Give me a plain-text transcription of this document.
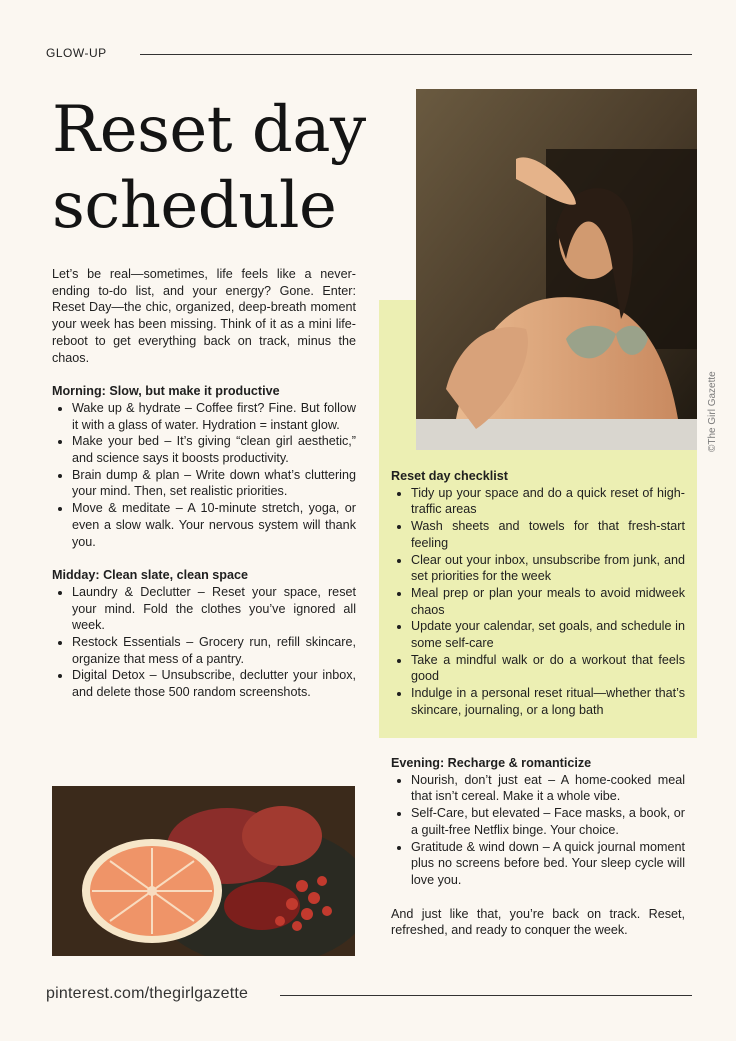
GLOW-UP
Reset day schedule

Let’s be real—sometimes, life feels like a never-ending to-do list, and your energy? Gone. Enter: Reset Day—the chic, organized, deep-breath moment your week has been missing. Think of it as a mini life-reboot to get everything back on track, minus the chaos.

Morning: Slow, but make it productive
• Wake up & hydrate – Coffee first? Fine. But follow it with a glass of water. Hydration = instant glow.
• Make your bed – It’s giving “clean girl aesthetic,” and science says it boosts productivity.
• Brain dump & plan – Write down what’s cluttering your mind. Then, set realistic priorities.
• Move & meditate – A 10-minute stretch, yoga, or even a slow walk. Your nervous system will thank you.
Midday: Clean slate, clean space
• Laundry & Declutter – Reset your space, reset your mind. Fold the clothes you’ve ignored all week.
• Restock Essentials – Grocery run, refill skincare, organize that mess of a pantry.
• Digital Detox – Unsubscribe, declutter your inbox, and delete those 500 random screenshots.
Reset day checklist
• Tidy up your space and do a quick reset of high-traffic areas
• Wash sheets and towels for that fresh-start feeling
• Clear out your inbox, unsubscribe from junk, and set priorities for the week
• Meal prep or plan your meals to avoid midweek chaos
• Update your calendar, set goals, and schedule in some self-care
• Take a mindful walk or do a workout that feels good
• Indulge in a personal reset ritual—whether that’s skincare, journaling, or a long bath
Evening: Recharge & romanticize
• Nourish, don’t just eat – A home-cooked meal that isn’t cereal. Make it a whole vibe.
• Self-Care, but elevated – Face masks, a book, or a guilt-free Netflix binge. Your choice.
• Gratitude & wind down – A quick journal moment plus no screens before bed. Your sleep cycle will love you.

And just like that, you’re back on track. Reset, refreshed, and ready to conquer the week.

©The Girl Gazette
pinterest.com/thegirlgazette
